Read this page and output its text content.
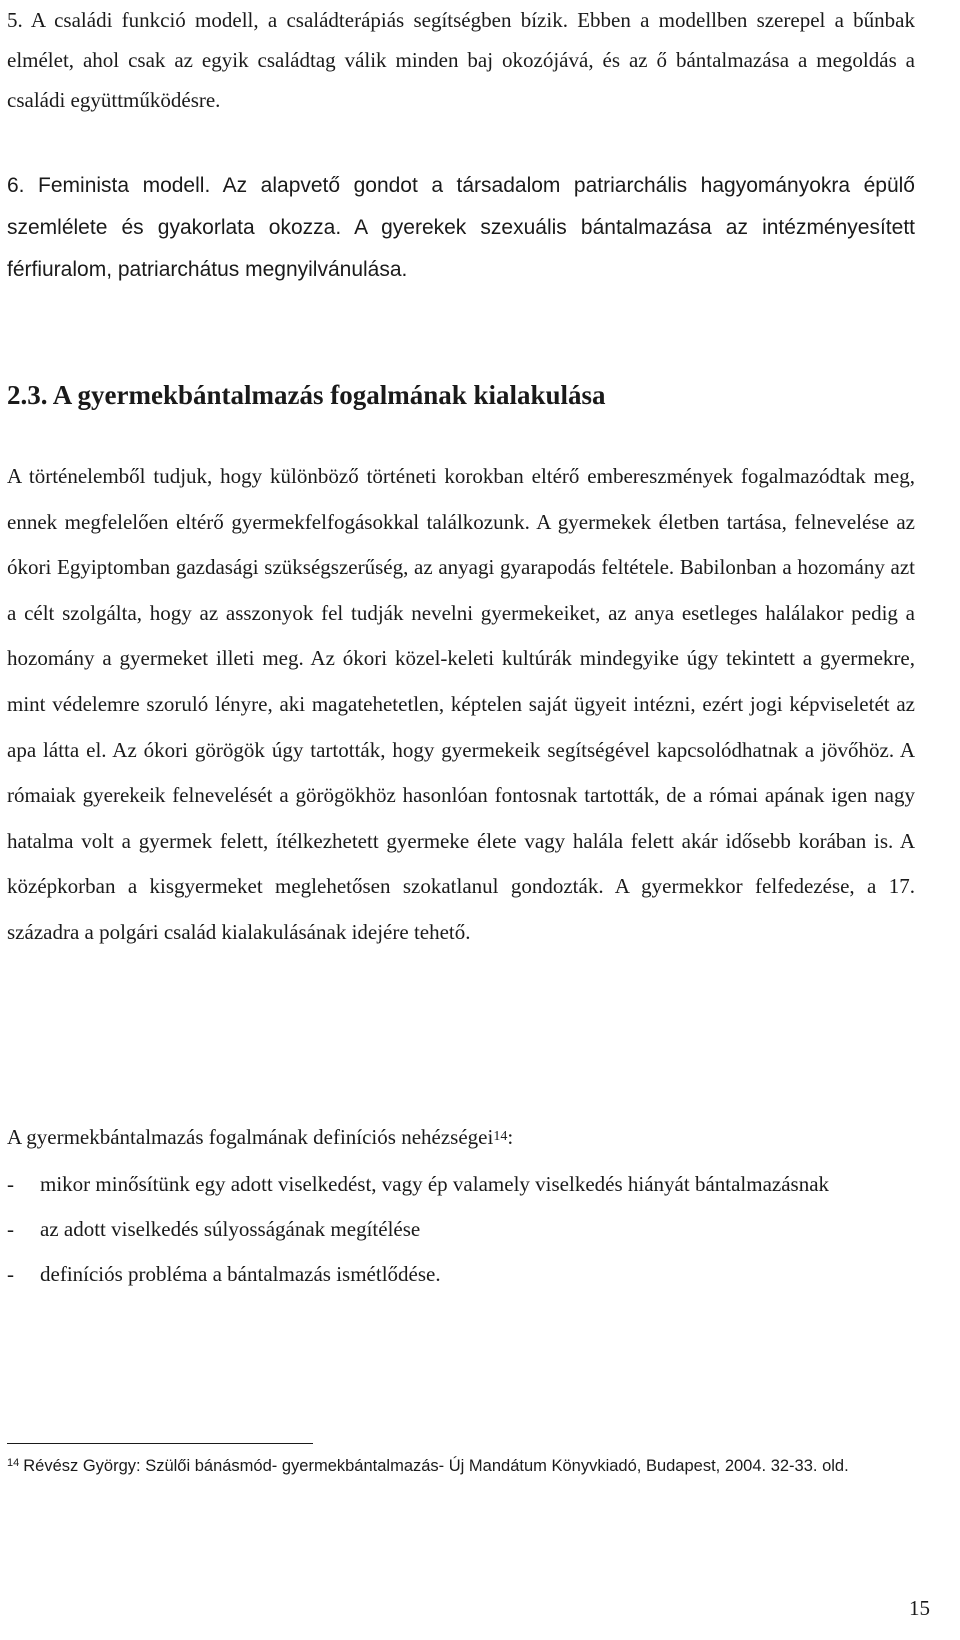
5. A családi funkció modell, a családterápiás segítségben bízik. Ebben a modellben szerepel a bűnbak elmélet, ahol csak az egyik családtag válik minden baj okozójává, és az ő bántalmazása a megoldás a családi együttműködésre.

6. Feminista modell. Az alapvető gondot a társadalom patriarchális hagyományokra épülő szemlélete és gyakorlata okozza. A gyerekek szexuális bántalmazása az intézményesített férfiuralom, patriarchátus megnyilvánulása.

2.3. A gyermekbántalmazás fogalmának kialakulása

A történelemből tudjuk, hogy különböző történeti korokban eltérő embereszmények fogalmazódtak meg, ennek megfelelően eltérő gyermekfelfogásokkal találkozunk. A gyermekek életben tartása, felnevelése az ókori Egyiptomban gazdasági szükségszerűség, az anyagi gyarapodás feltétele. Babilonban a hozomány azt a célt szolgálta, hogy az asszonyok fel tudják nevelni gyermekeiket, az anya esetleges halálakor pedig a hozomány a gyermeket illeti meg. Az ókori közel-keleti kultúrák mindegyike úgy tekintett a gyermekre, mint védelemre szoruló lényre, aki magatehetetlen, képtelen saját ügyeit intézni, ezért jogi képviseletét az apa látta el. Az ókori görögök úgy tartották, hogy gyermekeik segítségével kapcsolódhatnak a jövőhöz. A rómaiak gyerekeik felnevelését a görögökhöz hasonlóan fontosnak tartották, de a római apának igen nagy hatalma volt a gyermek felett, ítélkezhetett gyermeke élete vagy halála felett akár idősebb korában is. A középkorban a kisgyermeket meglehetősen szokatlanul gondozták. A gyermekkor felfedezése, a 17. századra a polgári család kialakulásának idejére tehető.

A gyermekbántalmazás fogalmának definíciós nehézségei$^{14}$:

- mikor minősítünk egy adott viselkedést, vagy ép valamely viselkedés hiányát bántalmazásnak
- az adott viselkedés súlyosságának megítélése
- definíciós probléma a bántalmazás ismétlődése.

$^{14}$ Révész György: Szülői bánásmód- gyermekbántalmazás- Új Mandátum Könyvkiadó, Budapest, 2004. 32-33. old.

15
